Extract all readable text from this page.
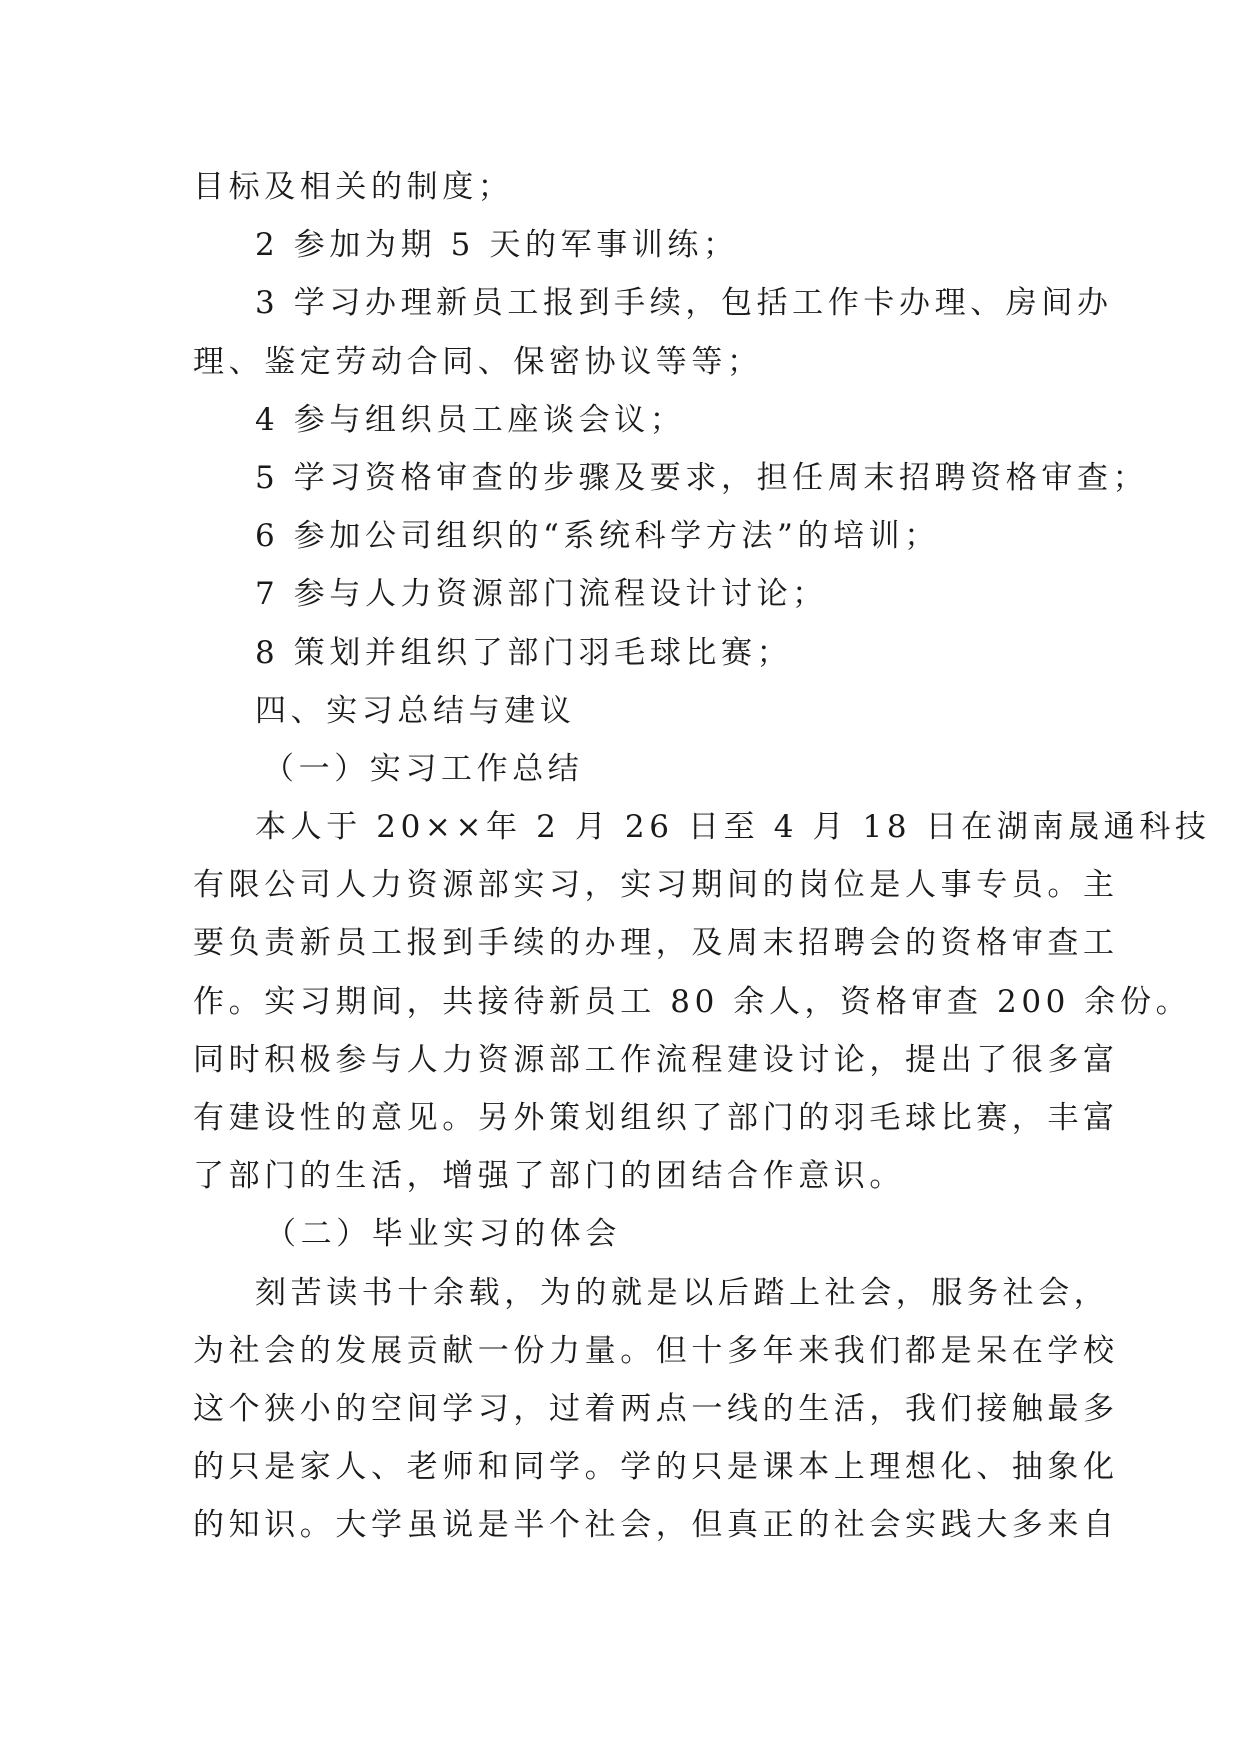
目标及相关的制度；
2 参加为期 5 天的军事训练；
3 学习办理新员工报到手续，包括工作卡办理、房间办
理、鉴定劳动合同、保密协议等等；
4 参与组织员工座谈会议；
5 学习资格审查的步骤及要求，担任周末招聘资格审查；
6 参加公司组织的“系统科学方法”的培训；
7 参与人力资源部门流程设计讨论；
8 策划并组织了部门羽毛球比赛；
四、实习总结与建议
（一）实习工作总结
本人于 20××年 2 月 26 日至 4 月 18 日在湖南晟通科技
有限公司人力资源部实习，实习期间的岗位是人事专员。主
要负责新员工报到手续的办理，及周末招聘会的资格审查工
作。实习期间，共接待新员工 80 余人，资格审查 200 余份。
同时积极参与人力资源部工作流程建设讨论，提出了很多富
有建设性的意见。另外策划组织了部门的羽毛球比赛，丰富
了部门的生活，增强了部门的团结合作意识。
（二）毕业实习的体会
刻苦读书十余载，为的就是以后踏上社会，服务社会，
为社会的发展贡献一份力量。但十多年来我们都是呆在学校
这个狭小的空间学习，过着两点一线的生活，我们接触最多
的只是家人、老师和同学。学的只是课本上理想化、抽象化
的知识。大学虽说是半个社会，但真正的社会实践大多来自
